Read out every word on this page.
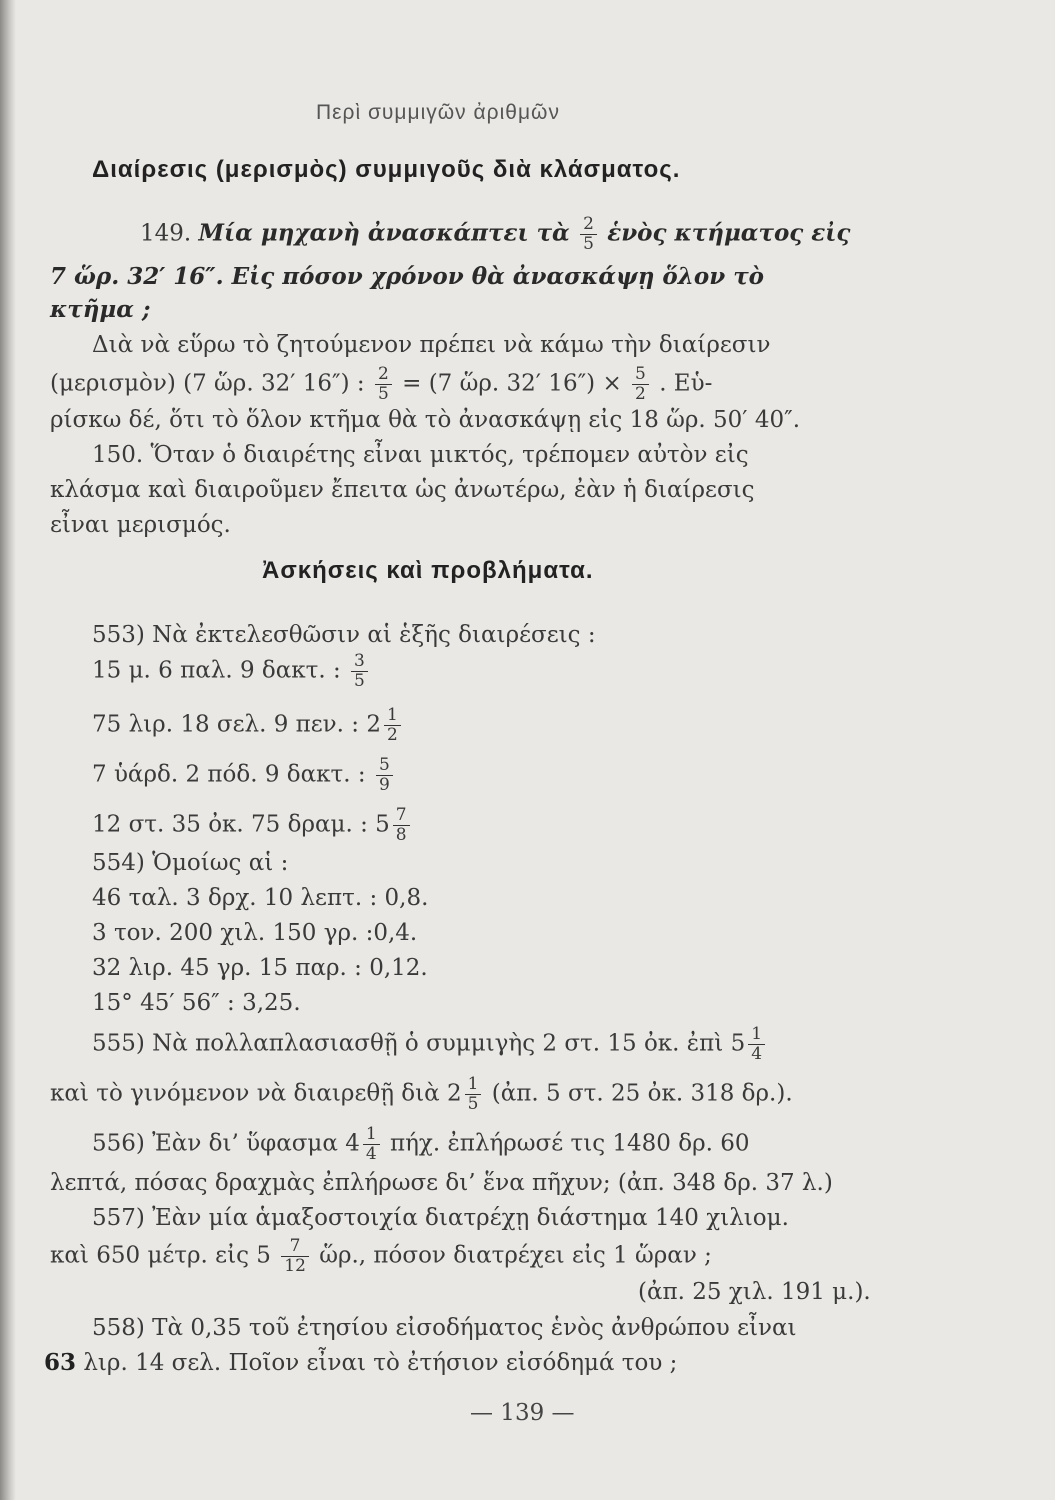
Περὶ συμμιγῶν ἀριθμῶν
Διαίρεσις (μερισμὸς) συμμιγοῦς διὰ κλάσματος.
149. Μία μηχανὴ ἀνασκάπτει τὰ $\frac{2}{5}$ ἑνὸς κτήματος εἰς
7 ὥρ. 32′ 16″. Εἰς πόσον χρόνον θὰ ἀνασκάψῃ ὅλον τὸ
κτῆμα ;
Διὰ νὰ εὕρω τὸ ζητούμενον πρέπει νὰ κάμω τὴν διαίρεσιν
(μερισμὸν) (7 ὥρ. 32′ 16″) : $\frac{2}{5} = (7$ ὥρ. 32′ $16'') \times \frac{5}{2}$ . Εὑ-
ρίσκω δέ, ὅτι τὸ ὅλον κτῆμα θὰ τὸ ἀνασκάψῃ εἰς 18 ὥρ. 50′ 40″.
150. Ὅταν ὁ διαιρέτης εἶναι μικτός, τρέπομεν αὐτὸν εἰς
κλάσμα καὶ διαιροῦμεν ἔπειτα ὡς ἀνωτέρω, ἐὰν ἡ διαίρεσις
εἶναι μερισμός.
Ἀσκήσεις καὶ προβλήματα.
553) Νὰ ἐκτελεσθῶσιν αἱ ἑξῆς διαιρέσεις :
15 μ. 6 παλ. 9 δακτ. : $\frac{3}{5}$
75 λιρ. 18 σελ. 9 πεν. : $2 \frac{1}{2}$
7 ὑάρδ. 2 πόδ. 9 δακτ. : $\frac{5}{9}$
12 στ. 35 ὀκ. 75 δραμ. : $5 \frac{7}{8}$
554) Ὁμοίως αἱ :
46 ταλ. 3 δρχ. 10 λεπτ. : 0,8.
3 τον. 200 χιλ. 150 γρ. :0,4.
32 λιρ. 45 γρ. 15 παρ. : 0,12.
15° 45′ 56″ : 3,25.
555) Νὰ πολλαπλασιασθῇ ὁ συμμιγὴς 2 στ. 15 ὀκ. ἐπὶ $5 \frac{1}{4}$
καὶ τὸ γινόμενον νὰ διαιρεθῇ διὰ $2 \frac{1}{5}$ (ἀπ. 5 στ. 25 ὀκ. 318 δρ.).
556) Ἐὰν δι’ ὕφασμα $4 \frac{1}{4} \pi ή\chi$. ἐπλήρωσέ τις 1480 δρ. 60
λεπτά, πόσας δραχμὰς ἐπλήρωσε δι’ ἕνα πῆχυν; (ἀπ. 348 δρ. 37 λ.)
557) Ἐὰν μία ἁμαξοστοιχία διατρέχῃ διάστημα 140 χιλιομ.
καὶ 650 μέτρ. εἰς $5 \frac{7}{12}$ ὥρ., πόσον διατρέχει εἰς 1 ὥραν ;
(ἀπ. 25 χιλ. 191 μ.).
558) Τὰ 0,35 τοῦ ἐτησίου εἰσοδήματος ἑνὸς ἀνθρώπου εἶναι
63 λιρ. 14 σελ. Ποῖον εἶναι τὸ ἐτήσιον εἰσόδημά του ;
— 139 —
